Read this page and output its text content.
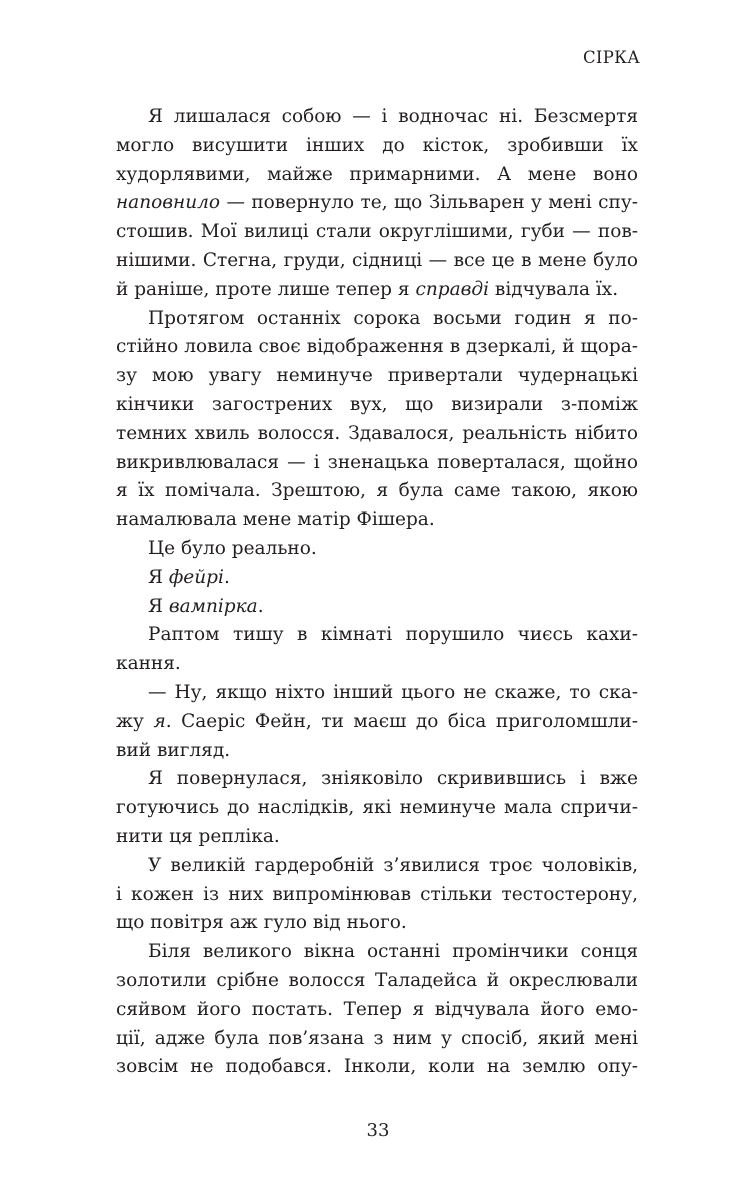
СІРКА
Я лишалася собою — і водночас ні. Безсмертя
могло висушити інших до кісток, зробивши їх
худорлявими, майже примарними. А мене воно
наповнило — повернуло те, що Зільварен у мені спу-
стошив. Мої вилиці стали округлішими, губи — пов-
нішими. Стегна, груди, сідниці — все це в мене було
й раніше, проте лише тепер я справді відчувала їх.
Протягом останніх сорока восьми годин я по-
стійно ловила своє відображення в дзеркалі, й щора-
зу мою увагу неминуче привертали чудернацькі
кінчики загострених вух, що визирали з-поміж
темних хвиль волосся. Здавалося, реальність нібито
викривлювалася — і зненацька поверталася, щойно
я їх помічала. Зрештою, я була саме такою, якою
намалювала мене матір Фішера.
Це було реально.
Я фейрі.
Я вампірка.
Раптом тишу в кімнаті порушило чиєсь кахи-
кання.
— Ну, якщо ніхто інший цього не скаже, то ска-
жу я. Саеріс Фейн, ти маєш до біса приголомшли-
вий вигляд.
Я повернулася, зніяковіло скривившись і вже
готуючись до наслідків, які неминуче мала спричи-
нити ця репліка.
У великій гардеробній з’явилися троє чоловіків,
і кожен із них випромінював стільки тестостерону,
що повітря аж гуло від нього.
Біля великого вікна останні промінчики сонця
золотили срібне волосся Таладейса й окреслювали
сяйвом його постать. Тепер я відчувала його емо-
ції, адже була пов’язана з ним у спосіб, який мені
зовсім не подобався. Інколи, коли на землю опу-
33
